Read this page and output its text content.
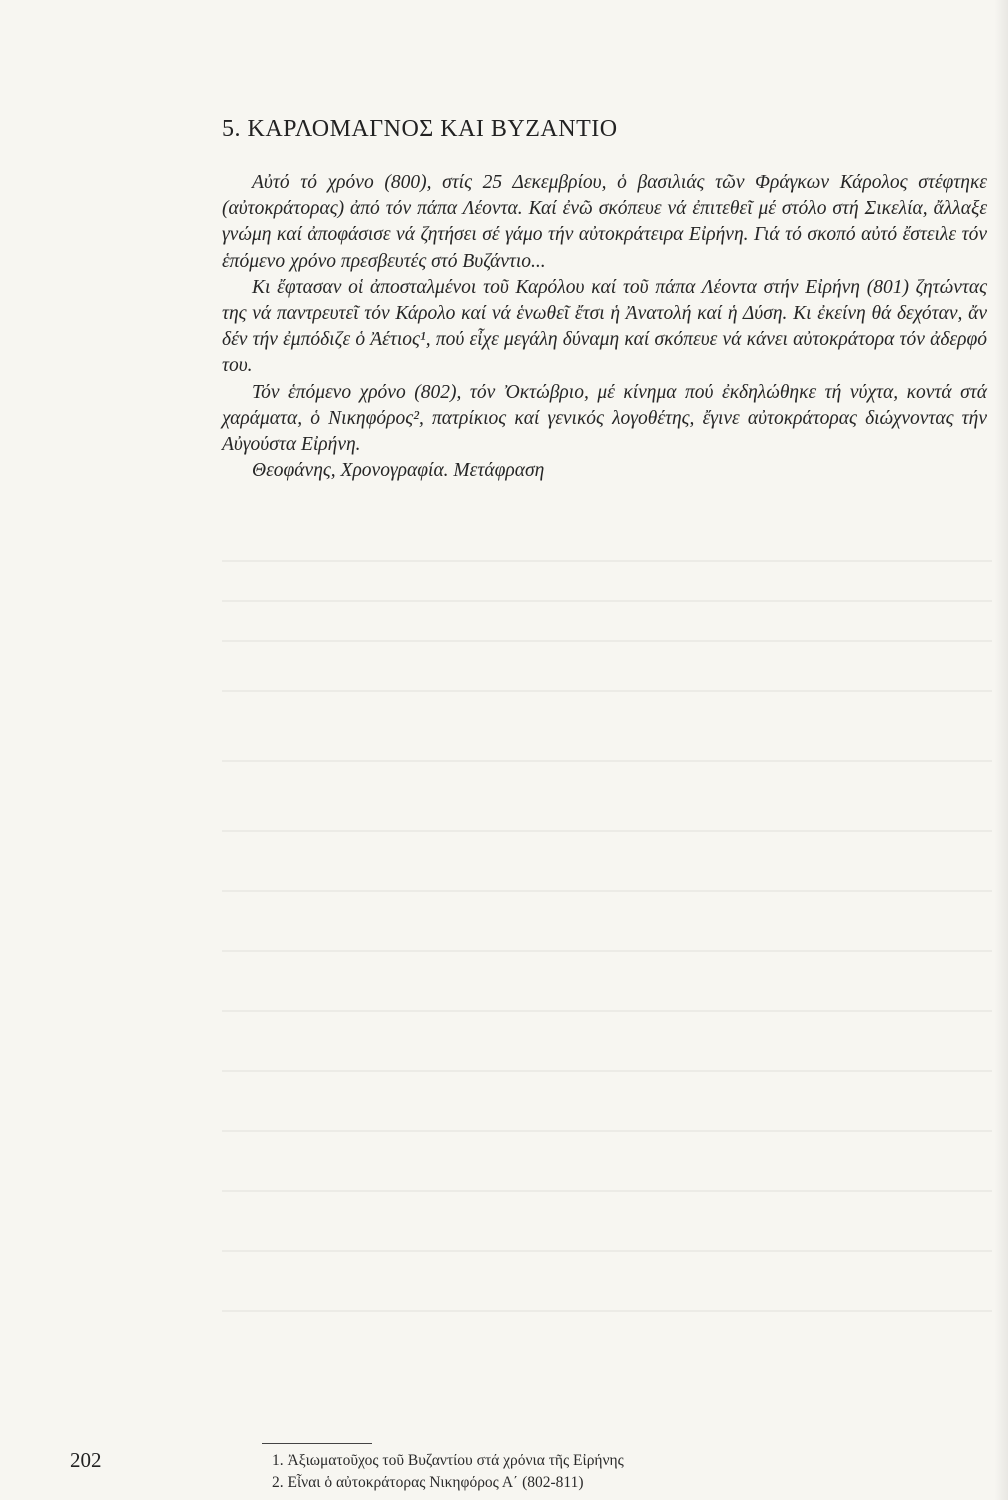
5. ΚΑΡΛΟΜΑΓΝΟΣ ΚΑΙ ΒΥΖΑΝΤΙΟ

Αὐτό τό χρόνο (800), στίς 25 Δεκεμβρίου, ὁ βασιλιάς τῶν Φράγκων Κάρολος στέφτηκε (αὐτοκράτορας) ἀπό τόν πάπα Λέοντα. Καί ἐνῶ σκόπευε νά ἐπιτεθεῖ μέ στόλο στή Σικελία, ἄλλαξε γνώμη καί ἀποφάσισε νά ζητήσει σέ γάμο τήν αὐτοκράτειρα Εἰρήνη. Γιά τό σκοπό αὐτό ἔστειλε τόν ἑπόμενο χρόνο πρεσβευτές στό Βυζάντιο...

Κι ἔφτασαν οἱ ἀποσταλμένοι τοῦ Καρόλου καί τοῦ πάπα Λέοντα στήν Εἰρήνη (801) ζητώντας της νά παντρευτεῖ τόν Κάρολο καί νά ἑνωθεῖ ἔτσι ἡ Ἀνατολή καί ἡ Δύση. Κι ἐκείνη θά δεχόταν, ἄν δέν τήν ἐμπόδιζε ὁ Ἀέτιος¹, πού εἶχε μεγάλη δύναμη καί σκόπευε νά κάνει αὐτοκράτορα τόν ἀδερφό του.

Τόν ἑπόμενο χρόνο (802), τόν Ὀκτώβριο, μέ κίνημα πού ἐκδηλώθηκε τή νύχτα, κοντά στά χαράματα, ὁ Νικηφόρος², πατρίκιος καί γενικός λογοθέτης, ἔγινε αὐτοκράτορας διώχνοντας τήν Αὐγούστα Εἰρήνη.

Θεοφάνης, Χρονογραφία. Μετάφραση

1. Ἀξιωματοῦχος τοῦ Βυζαντίου στά χρόνια τῆς Εἰρήνης
2. Εἶναι ὁ αὐτοκράτορας Νικηφόρος Α΄ (802-811)
202
